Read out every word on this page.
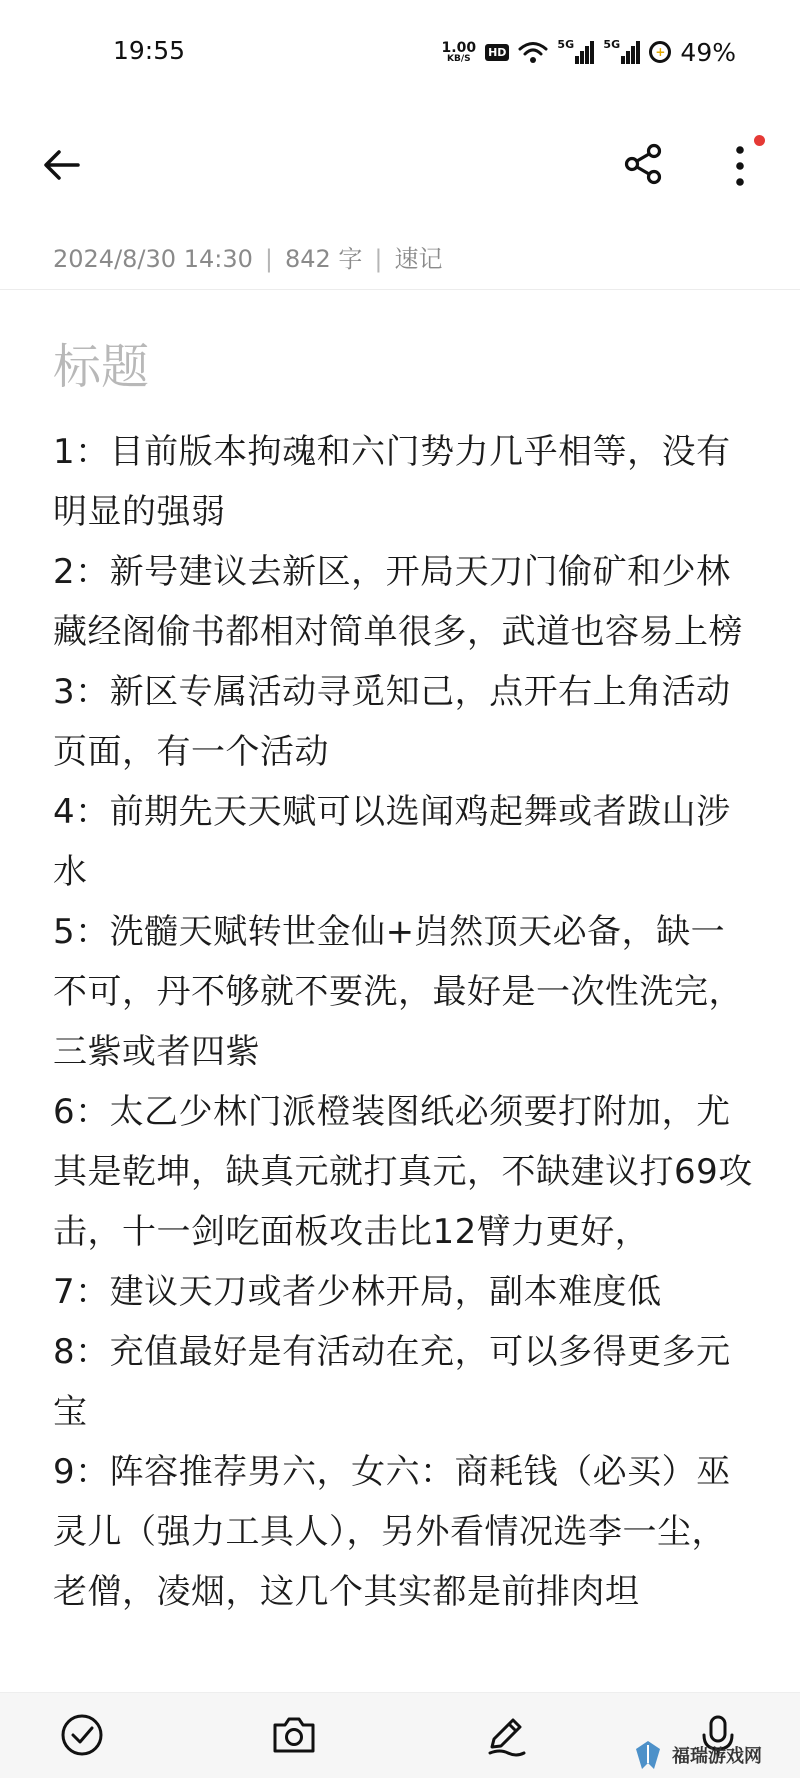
19:55	1.00
KB/S HD
5G	5G
+ 49%
2024/8/30 14:30 | 842 字 | 速记
标题

1：目前版本拘魂和六门势力几乎相等，没有明显的强弱

2：新号建议去新区，开局天刀门偷矿和少林藏经阁偷书都相对简单很多，武道也容易上榜

3：新区专属活动寻觅知己，点开右上角活动页面，有一个活动

4：前期先天天赋可以选闻鸡起舞或者跋山涉水

5：洗髓天赋转世金仙+岿然顶天必备，缺一不可，丹不够就不要洗，最好是一次性洗完，三紫或者四紫

6：太乙少林门派橙装图纸必须要打附加，尤其是乾坤，缺真元就打真元，不缺建议打69攻击，十一剑吃面板攻击比12臂力更好，

7：建议天刀或者少林开局，副本难度低

8：充值最好是有活动在充，可以多得更多元宝

9：阵容推荐男六，女六：商耗钱（必买）巫灵儿（强力工具人），另外看情况选李一尘，老僧，凌烟，这几个其实都是前排肉坦

福瑞游戏网
